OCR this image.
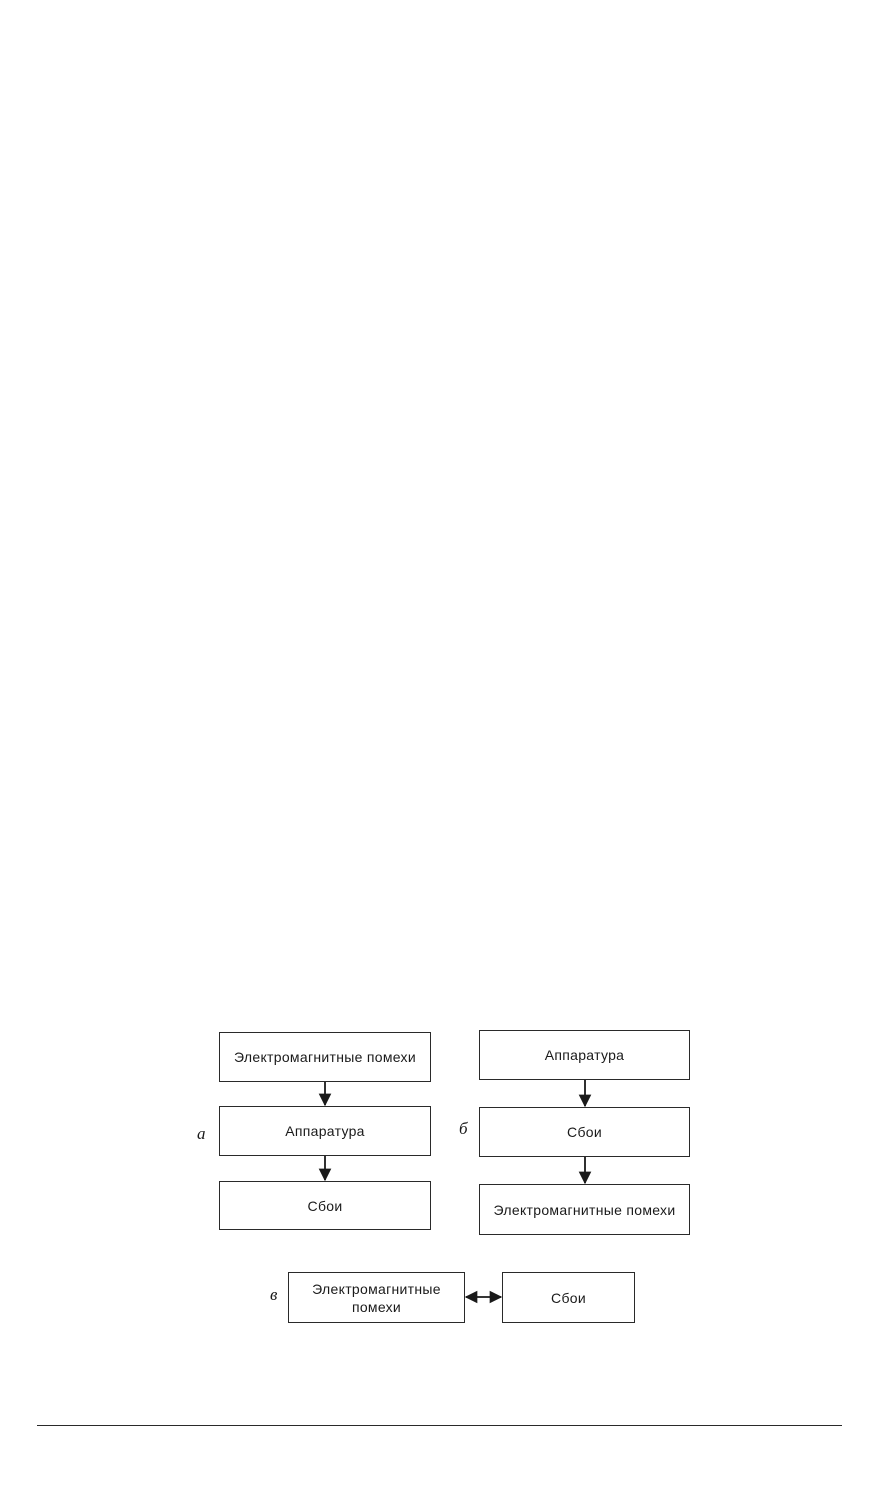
а
Электромагнитные помехи
Аппаратура
Сбои
б
Аппаратура
Сбои
Электромагнитные помехи
в	Электромагнитные помехи
Сбои
